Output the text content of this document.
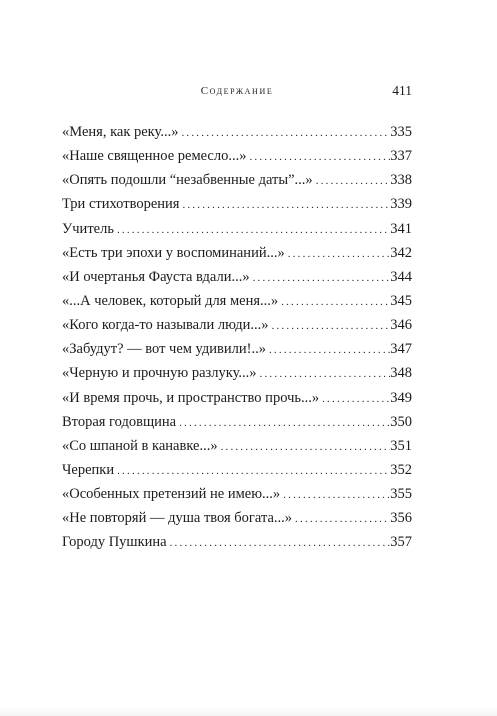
Содержание	411
«Меня, как реку...» .....	335
«Наше священное ремесло...» .....	337
«Опять подошли “незабвенные даты”...» .....	338
Три стихотворения .....	339
Учитель .....	341
«Есть три эпохи у воспоминаний...» .....	342
«И очертанья Фауста вдали...» .....	344
«...А человек, который для меня...» .....	345
«Кого когда-то называли люди...» .....	346
«Забудут? — вот чем удивили!..» .....	347
«Черную и прочную разлуку...» .....	348
«И время прочь, и пространство прочь...» .....	349
Вторая годовщина .....	350
«Со шпаной в канавке...» .....	351
Черепки .....	352
«Особенных претензий не имею...» .....	355
«Не повторяй — душа твоя богата...» .....	356
Городу Пушкина .....	357
